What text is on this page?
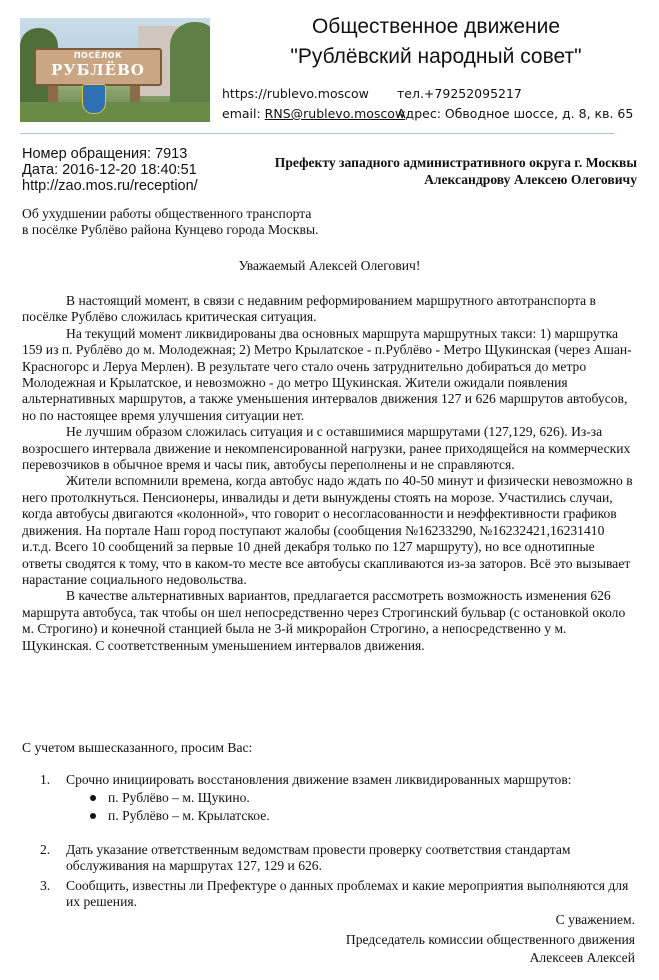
ПОСЁЛОК
РУБЛЁВО
Общественное движение
"Рублёвский народный совет"
https://rublevo.moscow тел.+79252095217
email: RNS@rublevo.moscow
Адрес: Обводное шоссе, д. 8, кв. 65
Номер обращения: 7913
Дата: 2016-12-20 18:40:51
http://zao.mos.ru/reception/
Префекту западного административного округа г. Москвы
Александрову Алексею Олеговичу
Об ухудшении работы общественного транспорта
в посёлке Рублёво района Кунцево города Москвы.
Уважаемый Алексей Олегович!

В настоящий момент, в связи с недавним реформированием маршрутного автотранспорта в посёлке Рублёво сложилась критическая ситуация.

На текущий момент ликвидированы два основных маршрута маршрутных такси: 1) маршрутка 159 из п. Рублёво до м. Молодежная; 2) Метро Крылатское - п.Рублёво - Метро Щукинская (через Ашан-Красногорс и Леруа Мерлен). В результате чего стало очень затруднительно добираться до метро Молодежная и Крылатское, и невозможно - до метро Щукинская. Жители ожидали появления альтернативных маршрутов, а также уменьшения интервалов движения 127 и 626 маршрутов автобусов, но по настоящее время улучшения ситуации нет.

Не лучшим образом сложилась ситуация и с оставшимися маршрутами (127,129, 626). Из-за возросшего интервала движение и некомпенсированной нагрузки, ранее приходящейся на коммерческих перевозчиков в обычное время и часы пик, автобусы переполнены и не справляются.

Жители вспомнили времена, когда автобус надо ждать по 40-50 минут и физически невозможно в него протолкнуться. Пенсионеры, инвалиды и дети вынуждены стоять на морозе. Участились случаи, когда автобусы двигаются «колонной», что говорит о несогласованности и неэффективности графиков движения. На портале Наш город поступают жалобы (сообщения №16233290, №16232421,16231410 и.т.д. Всего 10 сообщений за первые 10 дней декабря только по 127 маршруту), но все однотипные ответы сводятся к тому, что в каком-то месте все автобусы скапливаются из-за заторов. Всё это вызывает нарастание социального недовольства.

В качестве альтернативных вариантов, предлагается рассмотреть возможность изменения 626 маршрута автобуса, так чтобы он шел непосредственно через Строгинский бульвар (с остановкой около м. Строгино) и конечной станцией была не 3-й микрорайон Строгино, а непосредственно у м. Щукинская. С соответственным уменьшением интервалов движения.

С учетом вышесказанного, просим Вас:
1. Срочно инициировать восстановления движение взамен ликвидированных маршрутов:
п. Рублёво – м. Щукино.
п. Рублёво – м. Крылатское.
2. Дать указание ответственным ведомствам провести проверку соответствия стандартам обслуживания на маршрутах 127, 129 и 626.
3. Сообщить, известны ли Префектуре о данных проблемах и какие мероприятия выполняются для их решения.
С уважением.
Председатель комиссии общественного движения
Алексеев Алексей
